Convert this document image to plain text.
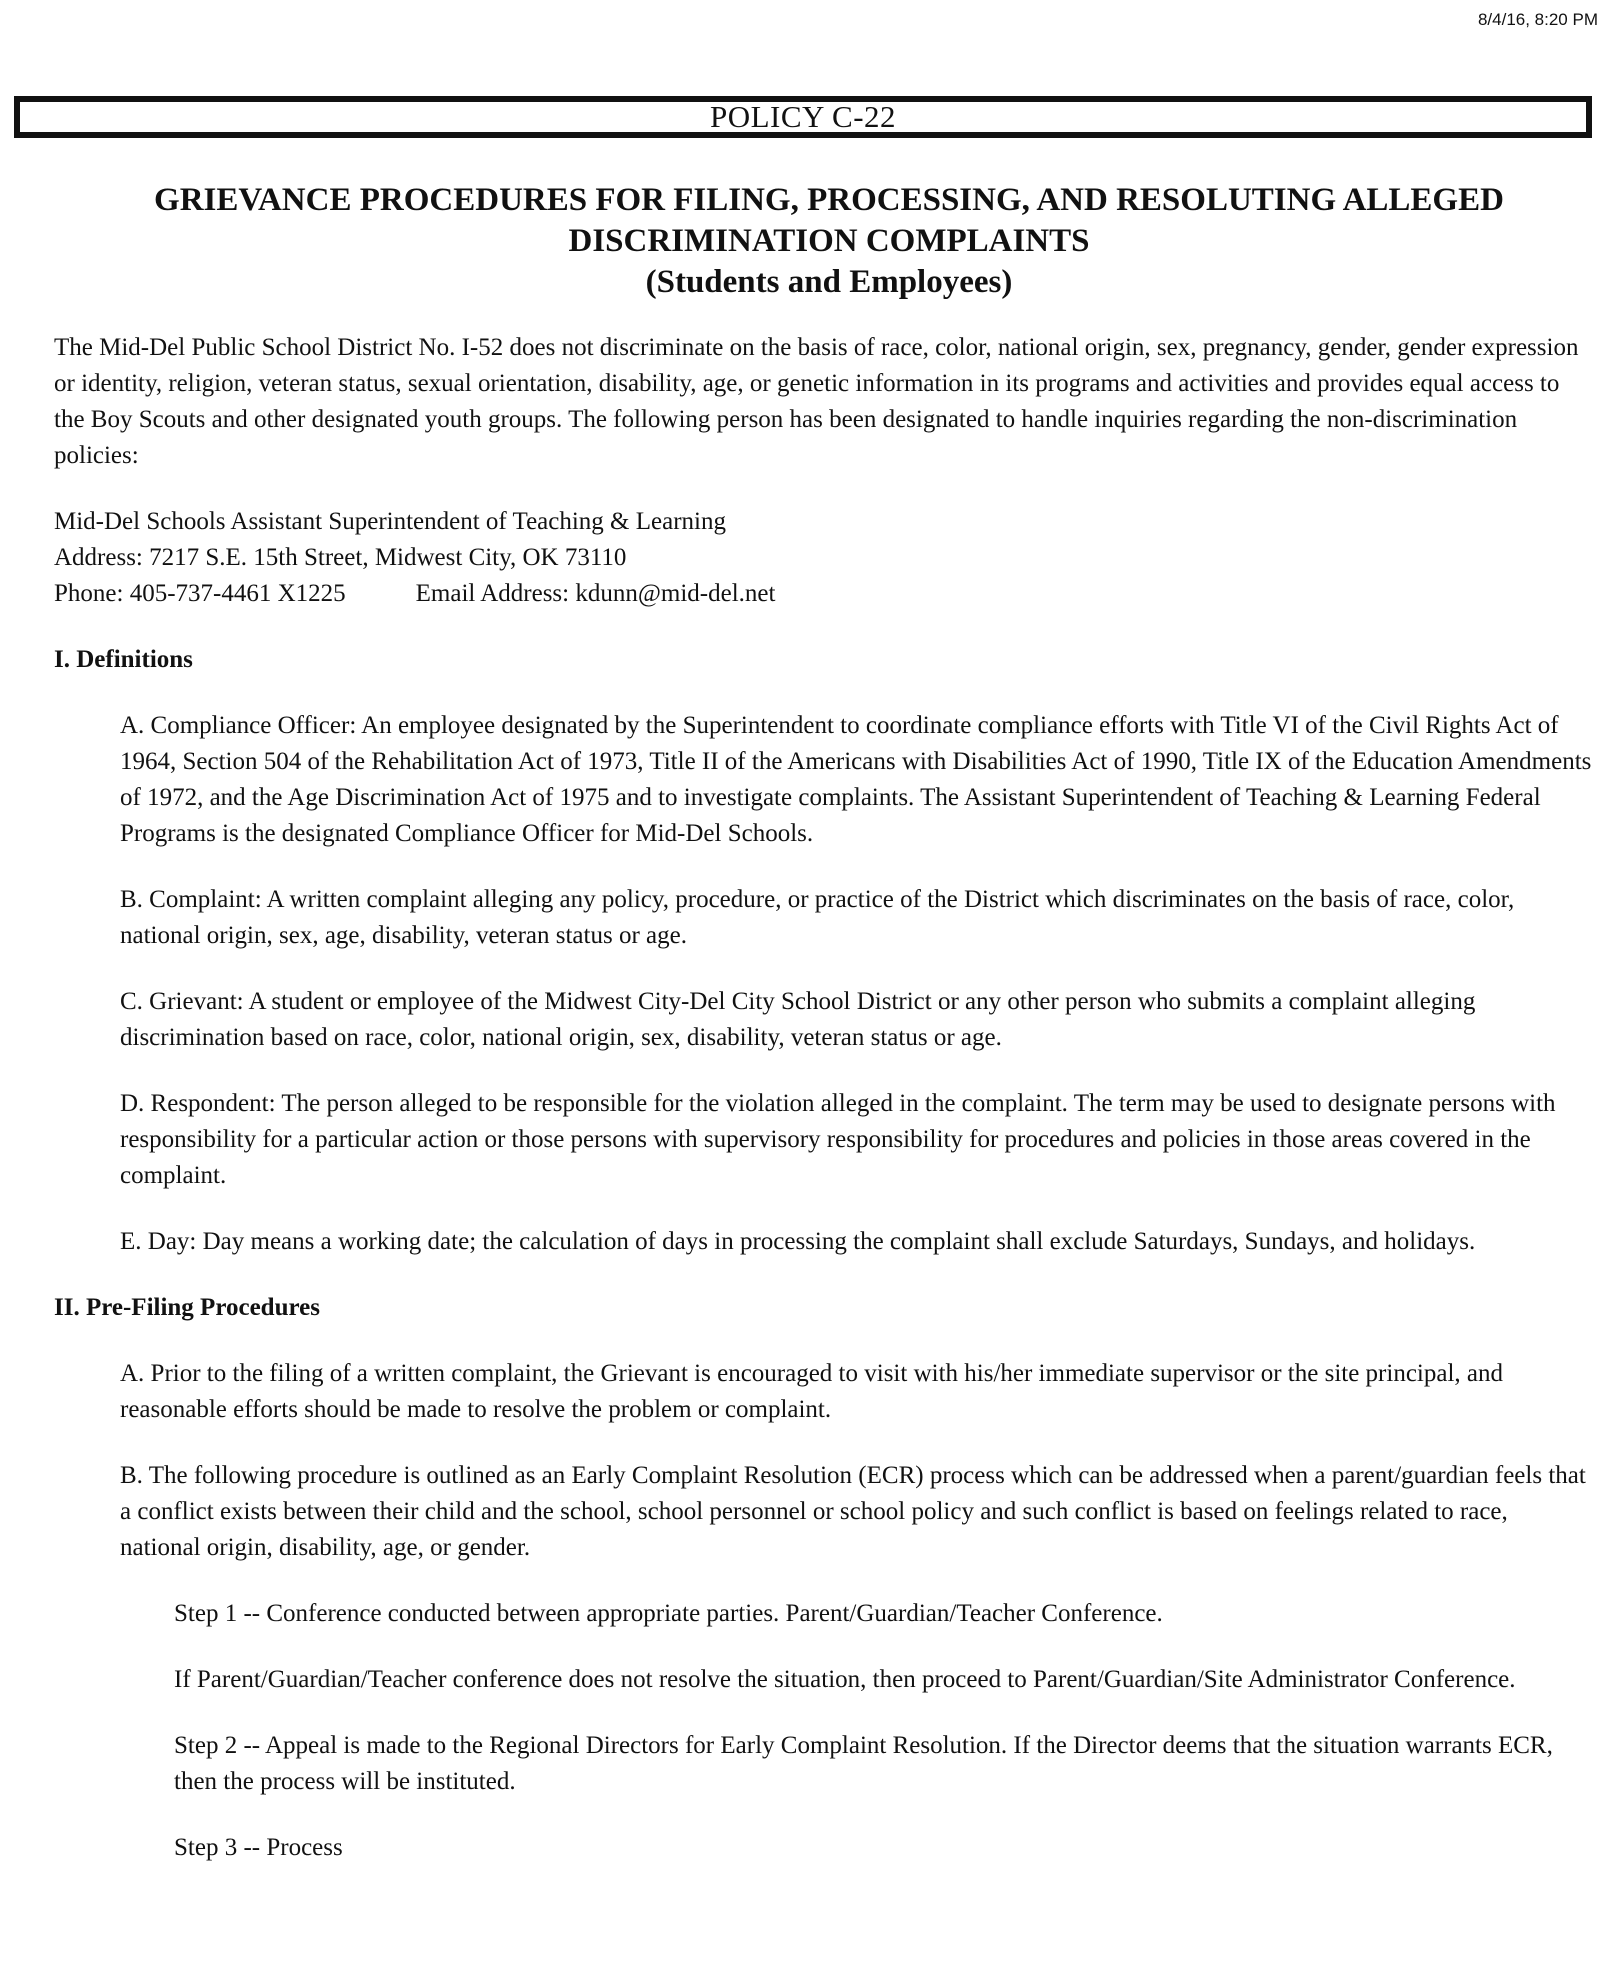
8/4/16, 8:20 PM
POLICY C-22
GRIEVANCE PROCEDURES FOR FILING, PROCESSING, AND RESOLUTING ALLEGED
DISCRIMINATION COMPLAINTS
(Students and Employees)

The Mid-Del Public School District No. I-52 does not discriminate on the basis of race, color, national origin, sex, pregnancy, gender, gender expression or identity, religion, veteran status, sexual orientation, disability, age, or genetic information in its programs and activities and provides equal access to the Boy Scouts and other designated youth groups. The following person has been designated to handle inquiries regarding the non-discrimination policies:

Mid-Del Schools Assistant Superintendent of Teaching & Learning
Address: 7217 S.E. 15th Street, Midwest City, OK 73110
Phone: 405-737-4461 X1225	Email Address: kdunn@mid-del.net

I. Definitions

A. Compliance Officer: An employee designated by the Superintendent to coordinate compliance efforts with Title VI of the Civil Rights Act of 1964, Section 504 of the Rehabilitation Act of 1973, Title II of the Americans with Disabilities Act of 1990, Title IX of the Education Amendments of 1972, and the Age Discrimination Act of 1975 and to investigate complaints. The Assistant Superintendent of Teaching & Learning Federal Programs is the designated Compliance Officer for Mid-Del Schools.

B. Complaint: A written complaint alleging any policy, procedure, or practice of the District which discriminates on the basis of race, color, national origin, sex, age, disability, veteran status or age.

C. Grievant: A student or employee of the Midwest City-Del City School District or any other person who submits a complaint alleging discrimination based on race, color, national origin, sex, disability, veteran status or age.

D. Respondent: The person alleged to be responsible for the violation alleged in the complaint. The term may be used to designate persons with responsibility for a particular action or those persons with supervisory responsibility for procedures and policies in those areas covered in the complaint.

E. Day: Day means a working date; the calculation of days in processing the complaint shall exclude Saturdays, Sundays, and holidays.

II. Pre-Filing Procedures

A. Prior to the filing of a written complaint, the Grievant is encouraged to visit with his/her immediate supervisor or the site principal, and reasonable efforts should be made to resolve the problem or complaint.

B. The following procedure is outlined as an Early Complaint Resolution (ECR) process which can be addressed when a parent/guardian feels that a conflict exists between their child and the school, school personnel or school policy and such conflict is based on feelings related to race, national origin, disability, age, or gender.

Step 1 -- Conference conducted between appropriate parties. Parent/Guardian/Teacher Conference.

If Parent/Guardian/Teacher conference does not resolve the situation, then proceed to Parent/Guardian/Site Administrator Conference.

Step 2 -- Appeal is made to the Regional Directors for Early Complaint Resolution. If the Director deems that the situation warrants ECR, then the process will be instituted.

Step 3 -- Process
